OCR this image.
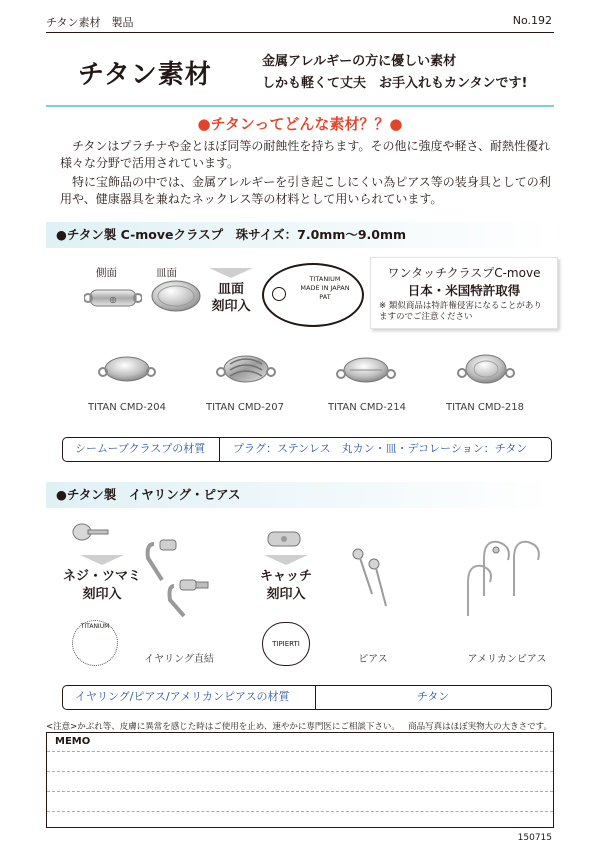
チタン素材　製品	No.192
チタン素材	金属アレルギーの方に優しい素材
しかも軽くて丈夫　お手入れもカンタンです!
●チタンってどんな素材？？●
チタンはプラチナや金とほぼ同等の耐蝕性を持ちます。その他に強度や軽さ、耐熱性優れ様々な分野で活用されています。
特に宝飾品の中では、金属アレルギーを引き起こしにくい為ピアス等の装身具としての利用や、健康器具を兼ねたネックレス等の材料として用いられています。
●チタン製 C-moveクラスプ　珠サイズ：7.0mm〜9.0mm
側面	皿面
◎
皿面
刻印入
TITANIUM
MADE IN JAPAN
PAT
ワンタッチクラスプC-move
日本・米国特許取得
※ 類似商品は特許権侵害になることがありますのでご注意ください
TITAN CMD-204	TITAN CMD-207	TITAN CMD-214	TITAN CMD-218
シームーブクラスプの材質	プラグ：ステンレス　丸カン・皿・デコレーション：チタン
●チタン製　イヤリング・ピアス
ネジ・ツマミ
刻印入
TITANIUM
イヤリング直結
キャッチ
刻印入
TIPIERTI
ピアス	アメリカンピアス
イヤリング/ピアス/アメリカンピアスの材質	チタン
<注意>かぶれ等、皮膚に異常を感じた時はご使用を止め、速やかに専門医にご相談下さい。 商品写真はほぼ実物大の大きさです。
MEMO
150715
